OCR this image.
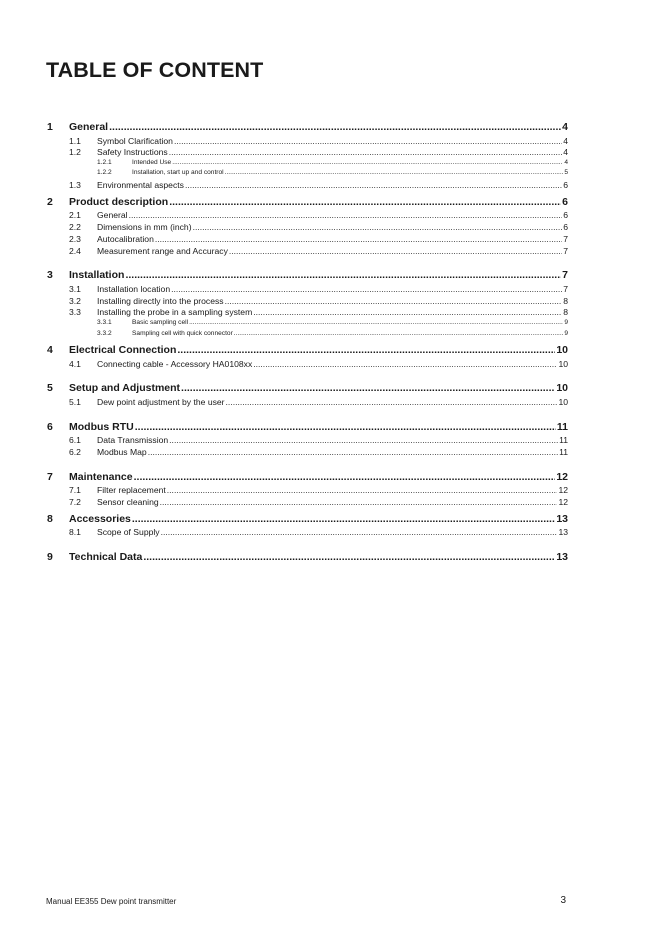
TABLE OF CONTENT
1 General .....	4
1.1 Symbol Clarification .....	4
1.2 Safety Instructions .....	4
1.2.1	Intended Use .....	4
1.2.2	Installation, start up and control .....	5
1.3 Environmental aspects .....	6
2 Product description .....	6
2.1 General .....	6
2.2 Dimensions in mm (inch) .....	6
2.3 Autocalibration .....	7
2.4 Measurement range and Accuracy .....	7
3 Installation .....	7
3.1 Installation location .....	7
3.2 Installing directly into the process .....	8
3.3 Installing the probe in a sampling system .....	8
3.3.1	Basic sampling cell .....	9
3.3.2	Sampling cell with quick connector .....	9
4 Electrical Connection .....	10
4.1 Connecting cable - Accessory HA0108xx .....	10
5 Setup and Adjustment .....	10
5.1 Dew point adjustment by the user .....	10
6 Modbus RTU .....	11
6.1 Data Transmission .....	11
6.2 Modbus Map .....	11
7 Maintenance .....	12
7.1 Filter replacement .....	12
7.2 Sensor cleaning .....	12
8 Accessories .....	13
8.1 Scope of Supply .....	13
9 Technical Data .....	13
Manual EE355 Dew point transmitter	3
